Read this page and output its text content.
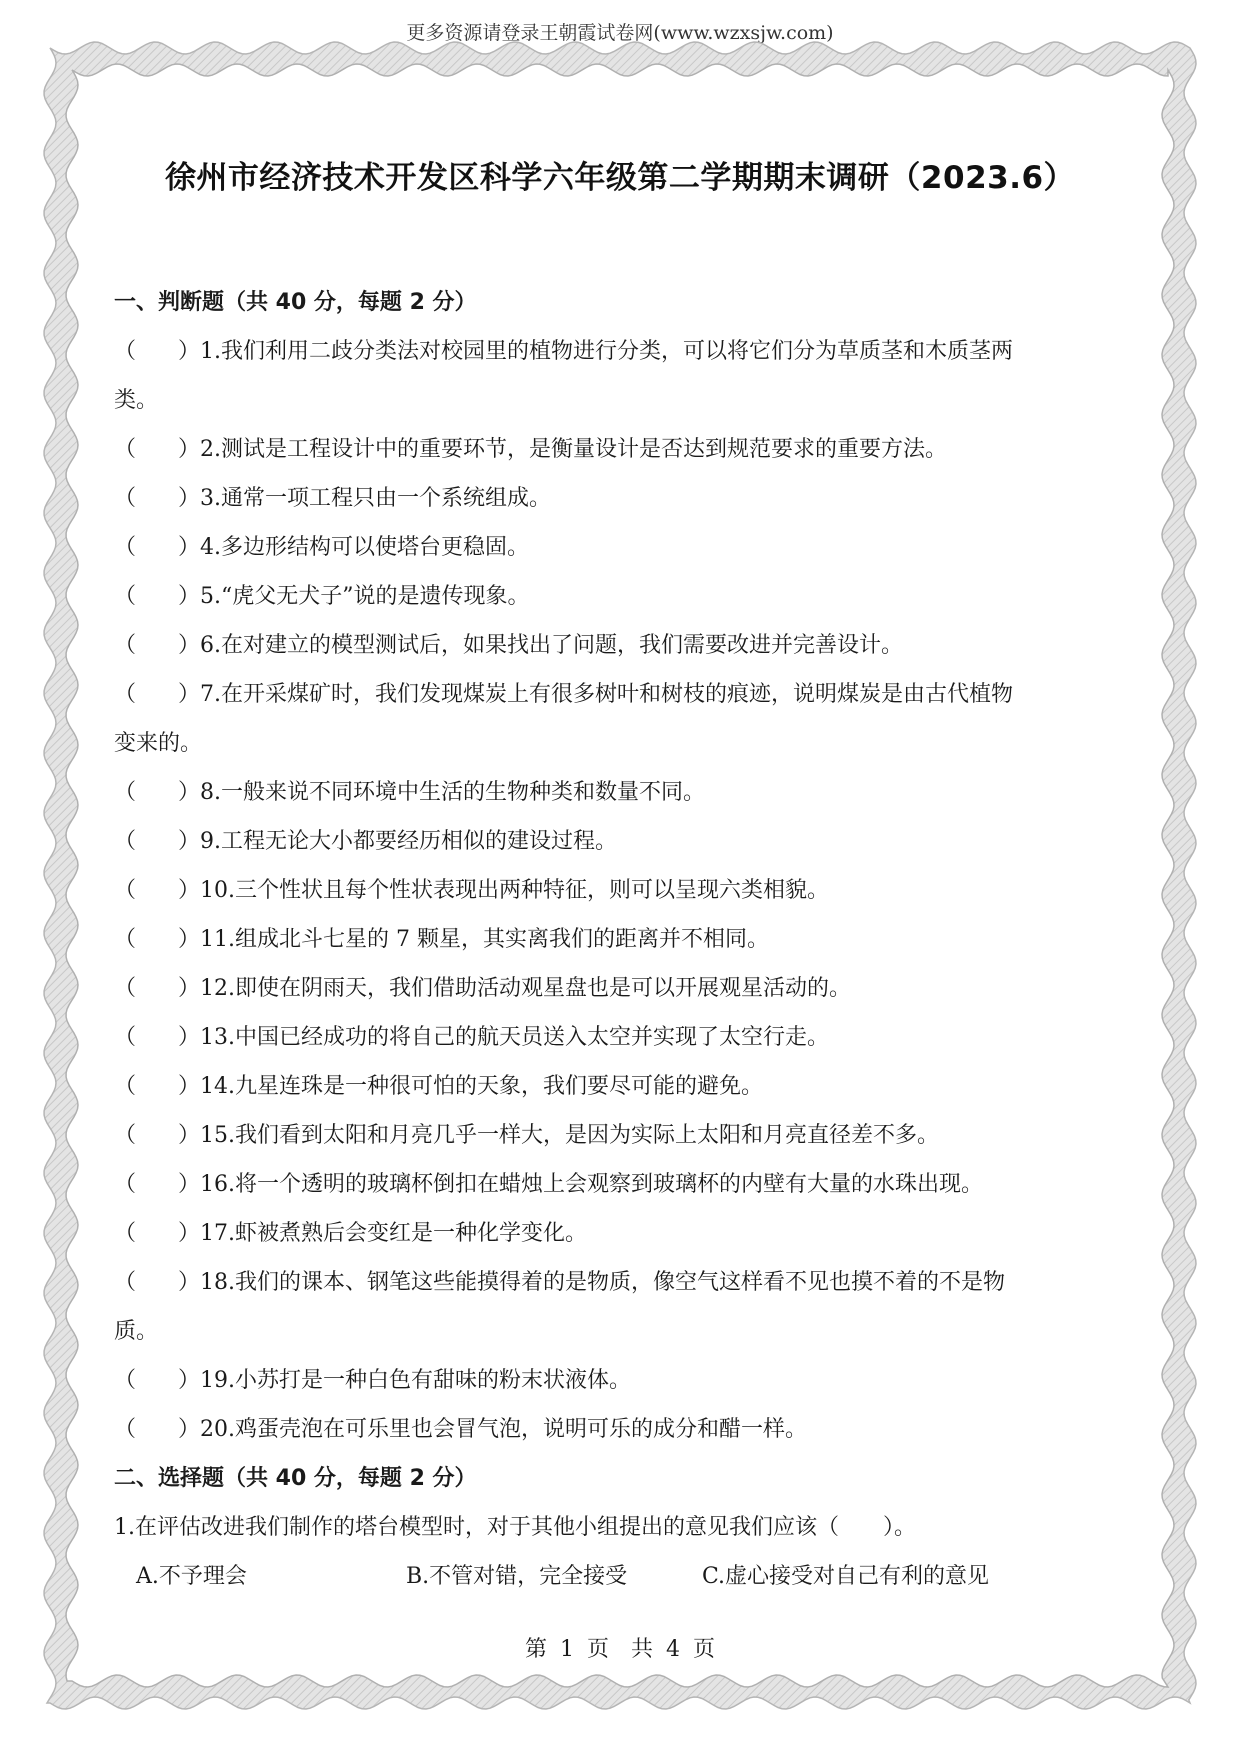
更多资源请登录王朝霞试卷网(www.wzxsjw.com)
徐州市经济技术开发区科学六年级第二学期期末调研（2023.6）
一、判断题（共 40 分，每题 2 分）
（ ） 1.我们利用二歧分类法对校园里的植物进行分类，可以将它们分为草质茎和木质茎两
类。
（ ） 2.测试是工程设计中的重要环节，是衡量设计是否达到规范要求的重要方法。
（ ） 3.通常一项工程只由一个系统组成。
（ ） 4.多边形结构可以使塔台更稳固。
（ ） 5.“虎父无犬子”说的是遗传现象。
（ ） 6.在对建立的模型测试后，如果找出了问题，我们需要改进并完善设计。
（ ） 7.在开采煤矿时，我们发现煤炭上有很多树叶和树枝的痕迹，说明煤炭是由古代植物
变来的。
（ ） 8.一般来说不同环境中生活的生物种类和数量不同。
（ ） 9.工程无论大小都要经历相似的建设过程。
（ ） 10.三个性状且每个性状表现出两种特征，则可以呈现六类相貌。
（ ） 11.组成北斗七星的 7 颗星，其实离我们的距离并不相同。
（ ） 12.即使在阴雨天，我们借助活动观星盘也是可以开展观星活动的。
（ ） 13.中国已经成功的将自己的航天员送入太空并实现了太空行走。
（ ） 14.九星连珠是一种很可怕的天象，我们要尽可能的避免。
（ ） 15.我们看到太阳和月亮几乎一样大，是因为实际上太阳和月亮直径差不多。
（ ） 16.将一个透明的玻璃杯倒扣在蜡烛上会观察到玻璃杯的内壁有大量的水珠出现。
（ ） 17.虾被煮熟后会变红是一种化学变化。
（ ） 18.我们的课本、钢笔这些能摸得着的是物质，像空气这样看不见也摸不着的不是物
质。
（ ） 19.小苏打是一种白色有甜味的粉末状液体。
（ ） 20.鸡蛋壳泡在可乐里也会冒气泡，说明可乐的成分和醋一样。
二、选择题（共 40 分，每题 2 分）
1.在评估改进我们制作的塔台模型时，对于其他小组提出的意见我们应该（　　）。
A.不予理会	B.不管对错，完全接受	C.虚心接受对自己有利的意见
第 1 页　共 4 页
